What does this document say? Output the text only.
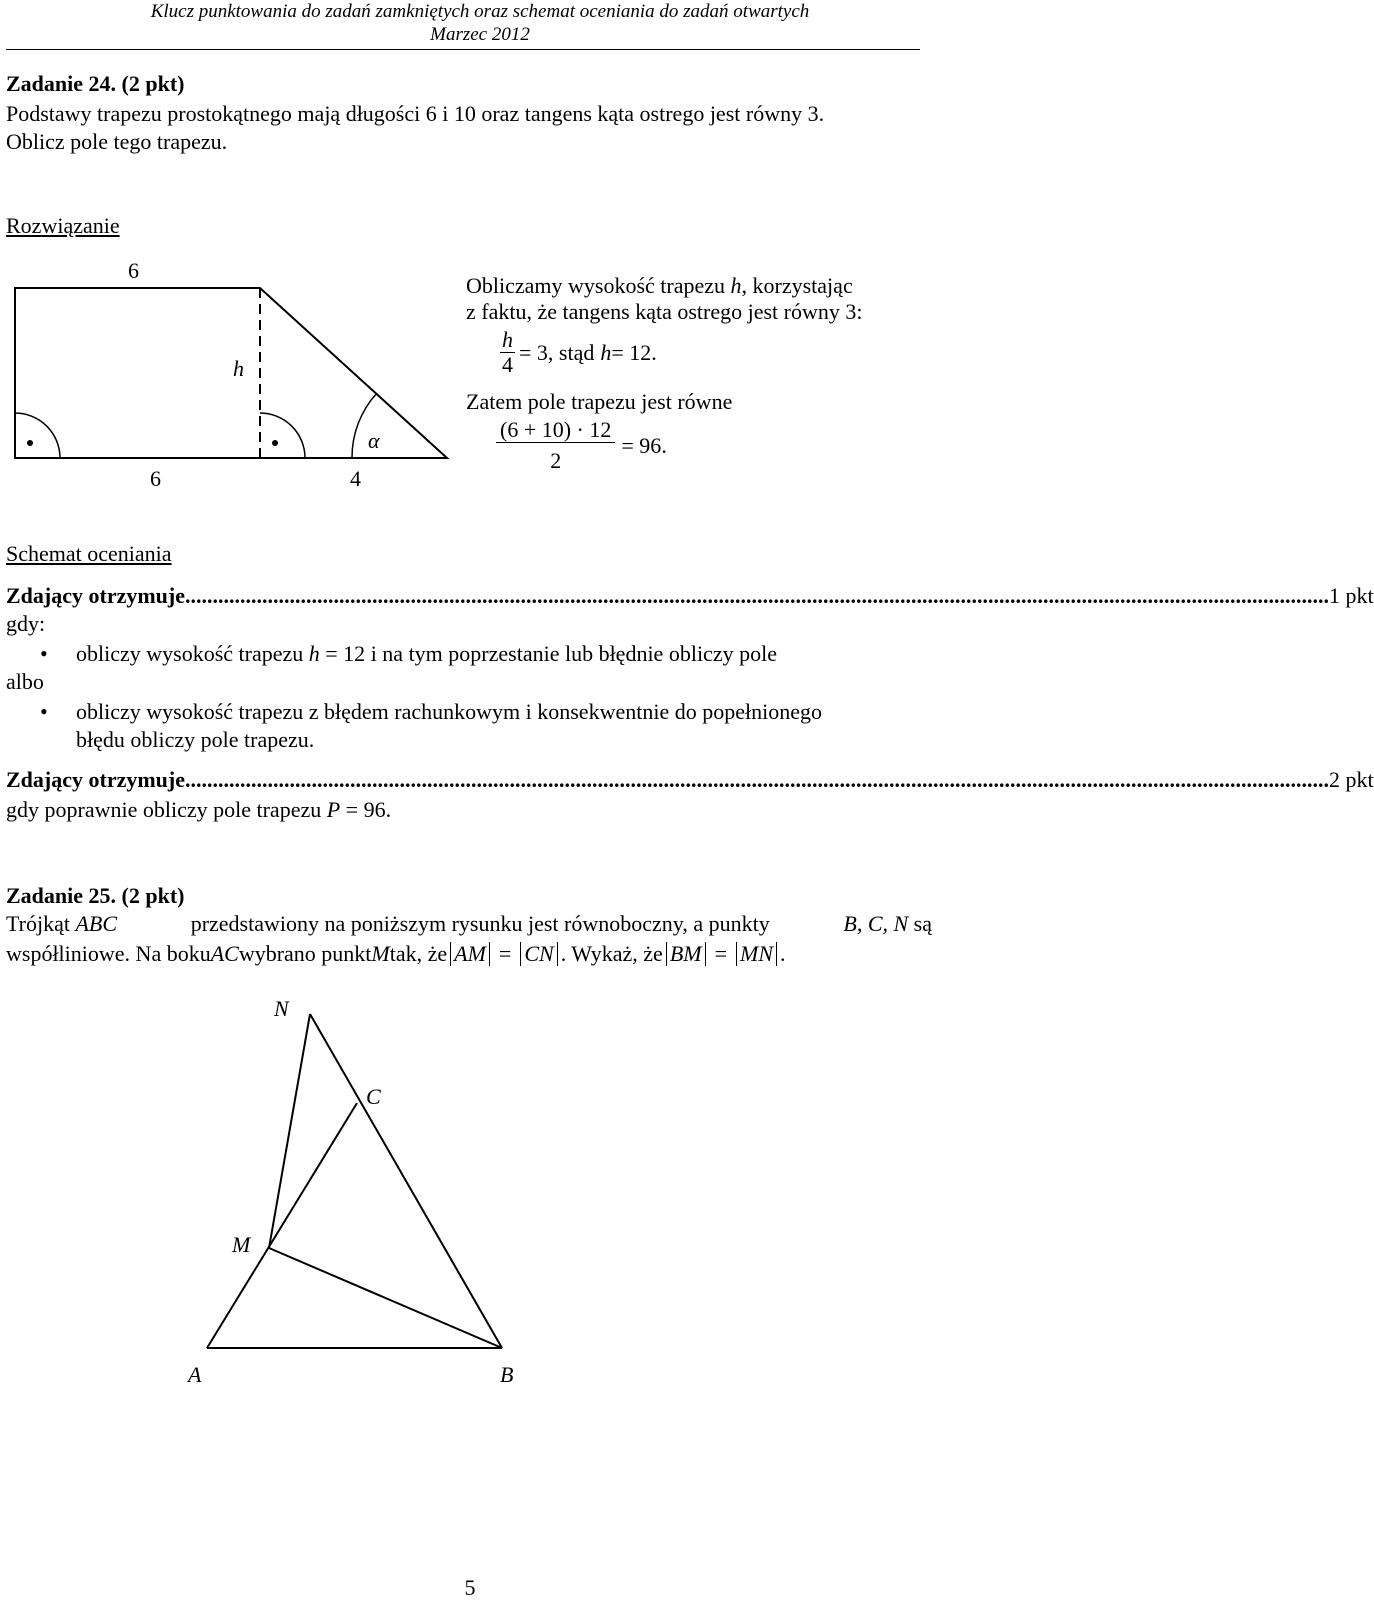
Klucz punktowania do zadań zamkniętych oraz schemat oceniania do zadań otwartych
Marzec 2012
Zadanie 24. (2 pkt)
Podstawy trapezu prostokątnego mają długości 6 i 10 oraz tangens kąta ostrego jest równy 3.
Oblicz pole tego trapezu.
Rozwiązanie
6
h
6	4
α
Obliczamy wysokość trapezu h, korzystając
z faktu, że tangens kąta ostrego jest równy 3:
$\frac{h}{4} = 3$ , stąd h = 12 .
Zatem pole trapezu jest równe
$\frac{(6 + 10) \cdot 12}{2} = 96$ .
Schemat oceniania
Zdający otrzymuje ................................................................................................................................................................................................................ 1 pkt
gdy:
• obliczy wysokość trapezu h = 12 i na tym poprzestanie lub błędnie obliczy pole
albo
• obliczy wysokość trapezu z błędem rachunkowym i konsekwentnie do popełnionego
błędu obliczy pole trapezu.
Zdający otrzymuje ................................................................................................................................................................................................................ 2 pkt
gdy poprawnie obliczy pole trapezu P = 96.
Zadanie 25. (2 pkt)
Trójkąt ABC	przedstawiony na poniższym rysunku jest równoboczny, a punkty	B, C, N są
współliniowe. Na boku AC wybrano punkt M tak, że AM = CN . Wykaż, że BM = MN .
N
C
M
A	B
5
